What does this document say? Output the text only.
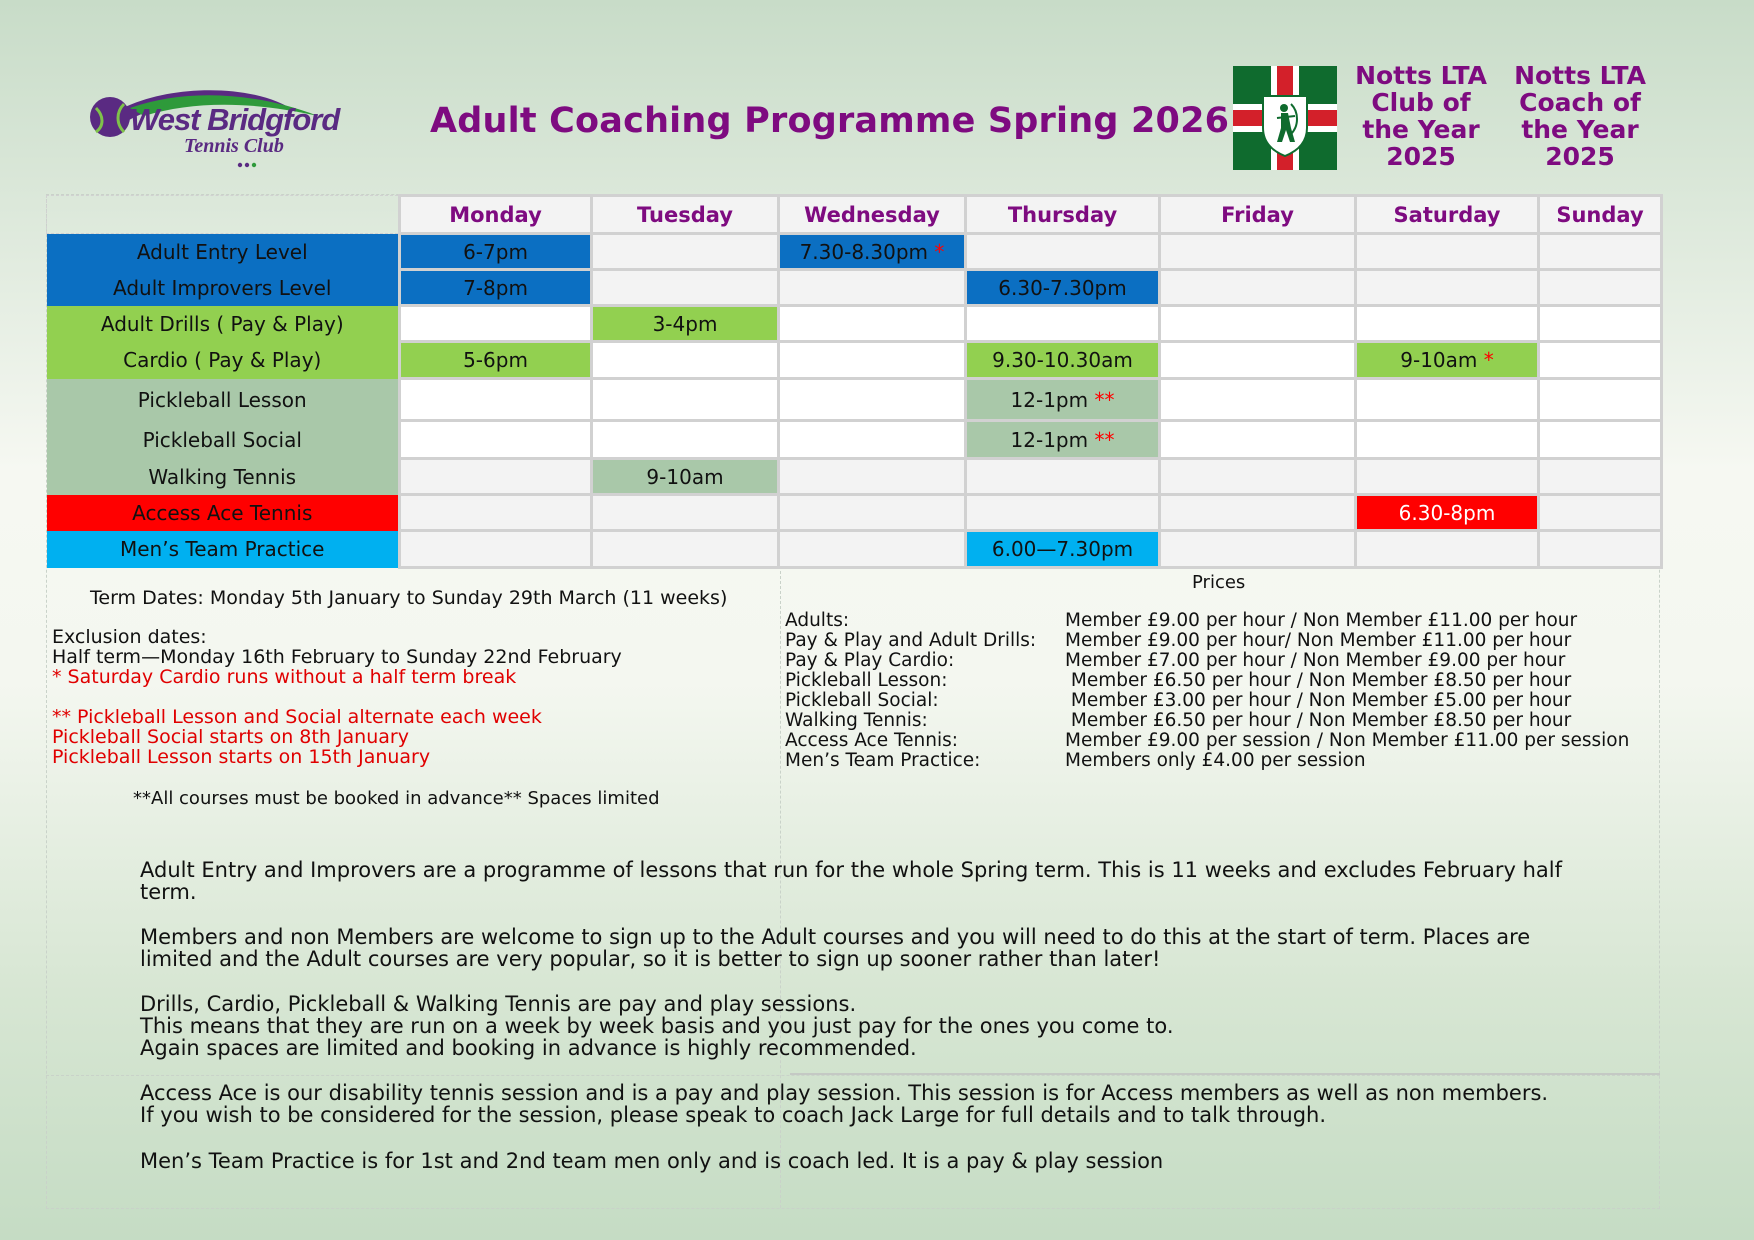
West Bridgford
Tennis Club
Adult Coaching Programme Spring 2026
Notts LTA
Club of
the Year
2025
Notts LTA
Coach of
the Year
2025
	Monday	Tuesday	Wednesday	Thursday	Friday	Saturday	Sunday
Adult Entry Level	6-7pm		7.30-8.30pm *				
Adult Improvers Level	7-8pm			6.30-7.30pm			
Adult Drills ( Pay & Play)		3-4pm					
Cardio ( Pay & Play)	5-6pm			9.30-10.30am		9-10am *	
Pickleball Lesson				12-1pm **			
Pickleball Social				12-1pm **			
Walking Tennis		9-10am					
Access Ace Tennis						6.30-8pm	
Men’s Team Practice				6.00—7.30pm			

Term Dates: Monday 5th January to Sunday 29th March (11 weeks)

Exclusion dates:
Half term—Monday 16th February to Sunday 22nd February
* Saturday Cardio runs without a half term break
** Pickleball Lesson and Social alternate each week
Pickleball Social starts on 8th January
Pickleball Lesson starts on 15th January
**All courses must be booked in advance** Spaces limited
Prices
Adults:	Member £9.00 per hour / Non Member £11.00 per hour
Pay & Play and Adult Drills:	Member £9.00 per hour/ Non Member £11.00 per hour
Pay & Play Cardio:	Member £7.00 per hour / Non Member £9.00 per hour
Pickleball Lesson:	Member £6.50 per hour / Non Member £8.50 per hour
Pickleball Social:	Member £3.00 per hour / Non Member £5.00 per hour
Walking Tennis:	Member £6.50 per hour / Non Member £8.50 per hour
Access Ace Tennis:	Member £9.00 per session / Non Member £11.00 per session
Men’s Team Practice:	Members only £4.00 per session
Adult Entry and Improvers are a programme of lessons that run for the whole Spring term. This is 11 weeks and excludes February half
term.
Members and non Members are welcome to sign up to the Adult courses and you will need to do this at the start of term. Places are
limited and the Adult courses are very popular, so it is better to sign up sooner rather than later!
Drills, Cardio, Pickleball & Walking Tennis are pay and play sessions.
This means that they are run on a week by week basis and you just pay for the ones you come to.
Again spaces are limited and booking in advance is highly recommended.
Access Ace is our disability tennis session and is a pay and play session. This session is for Access members as well as non members.
If you wish to be considered for the session, please speak to coach Jack Large for full details and to talk through.
Men’s Team Practice is for 1st and 2nd team men only and is coach led. It is a pay & play session
